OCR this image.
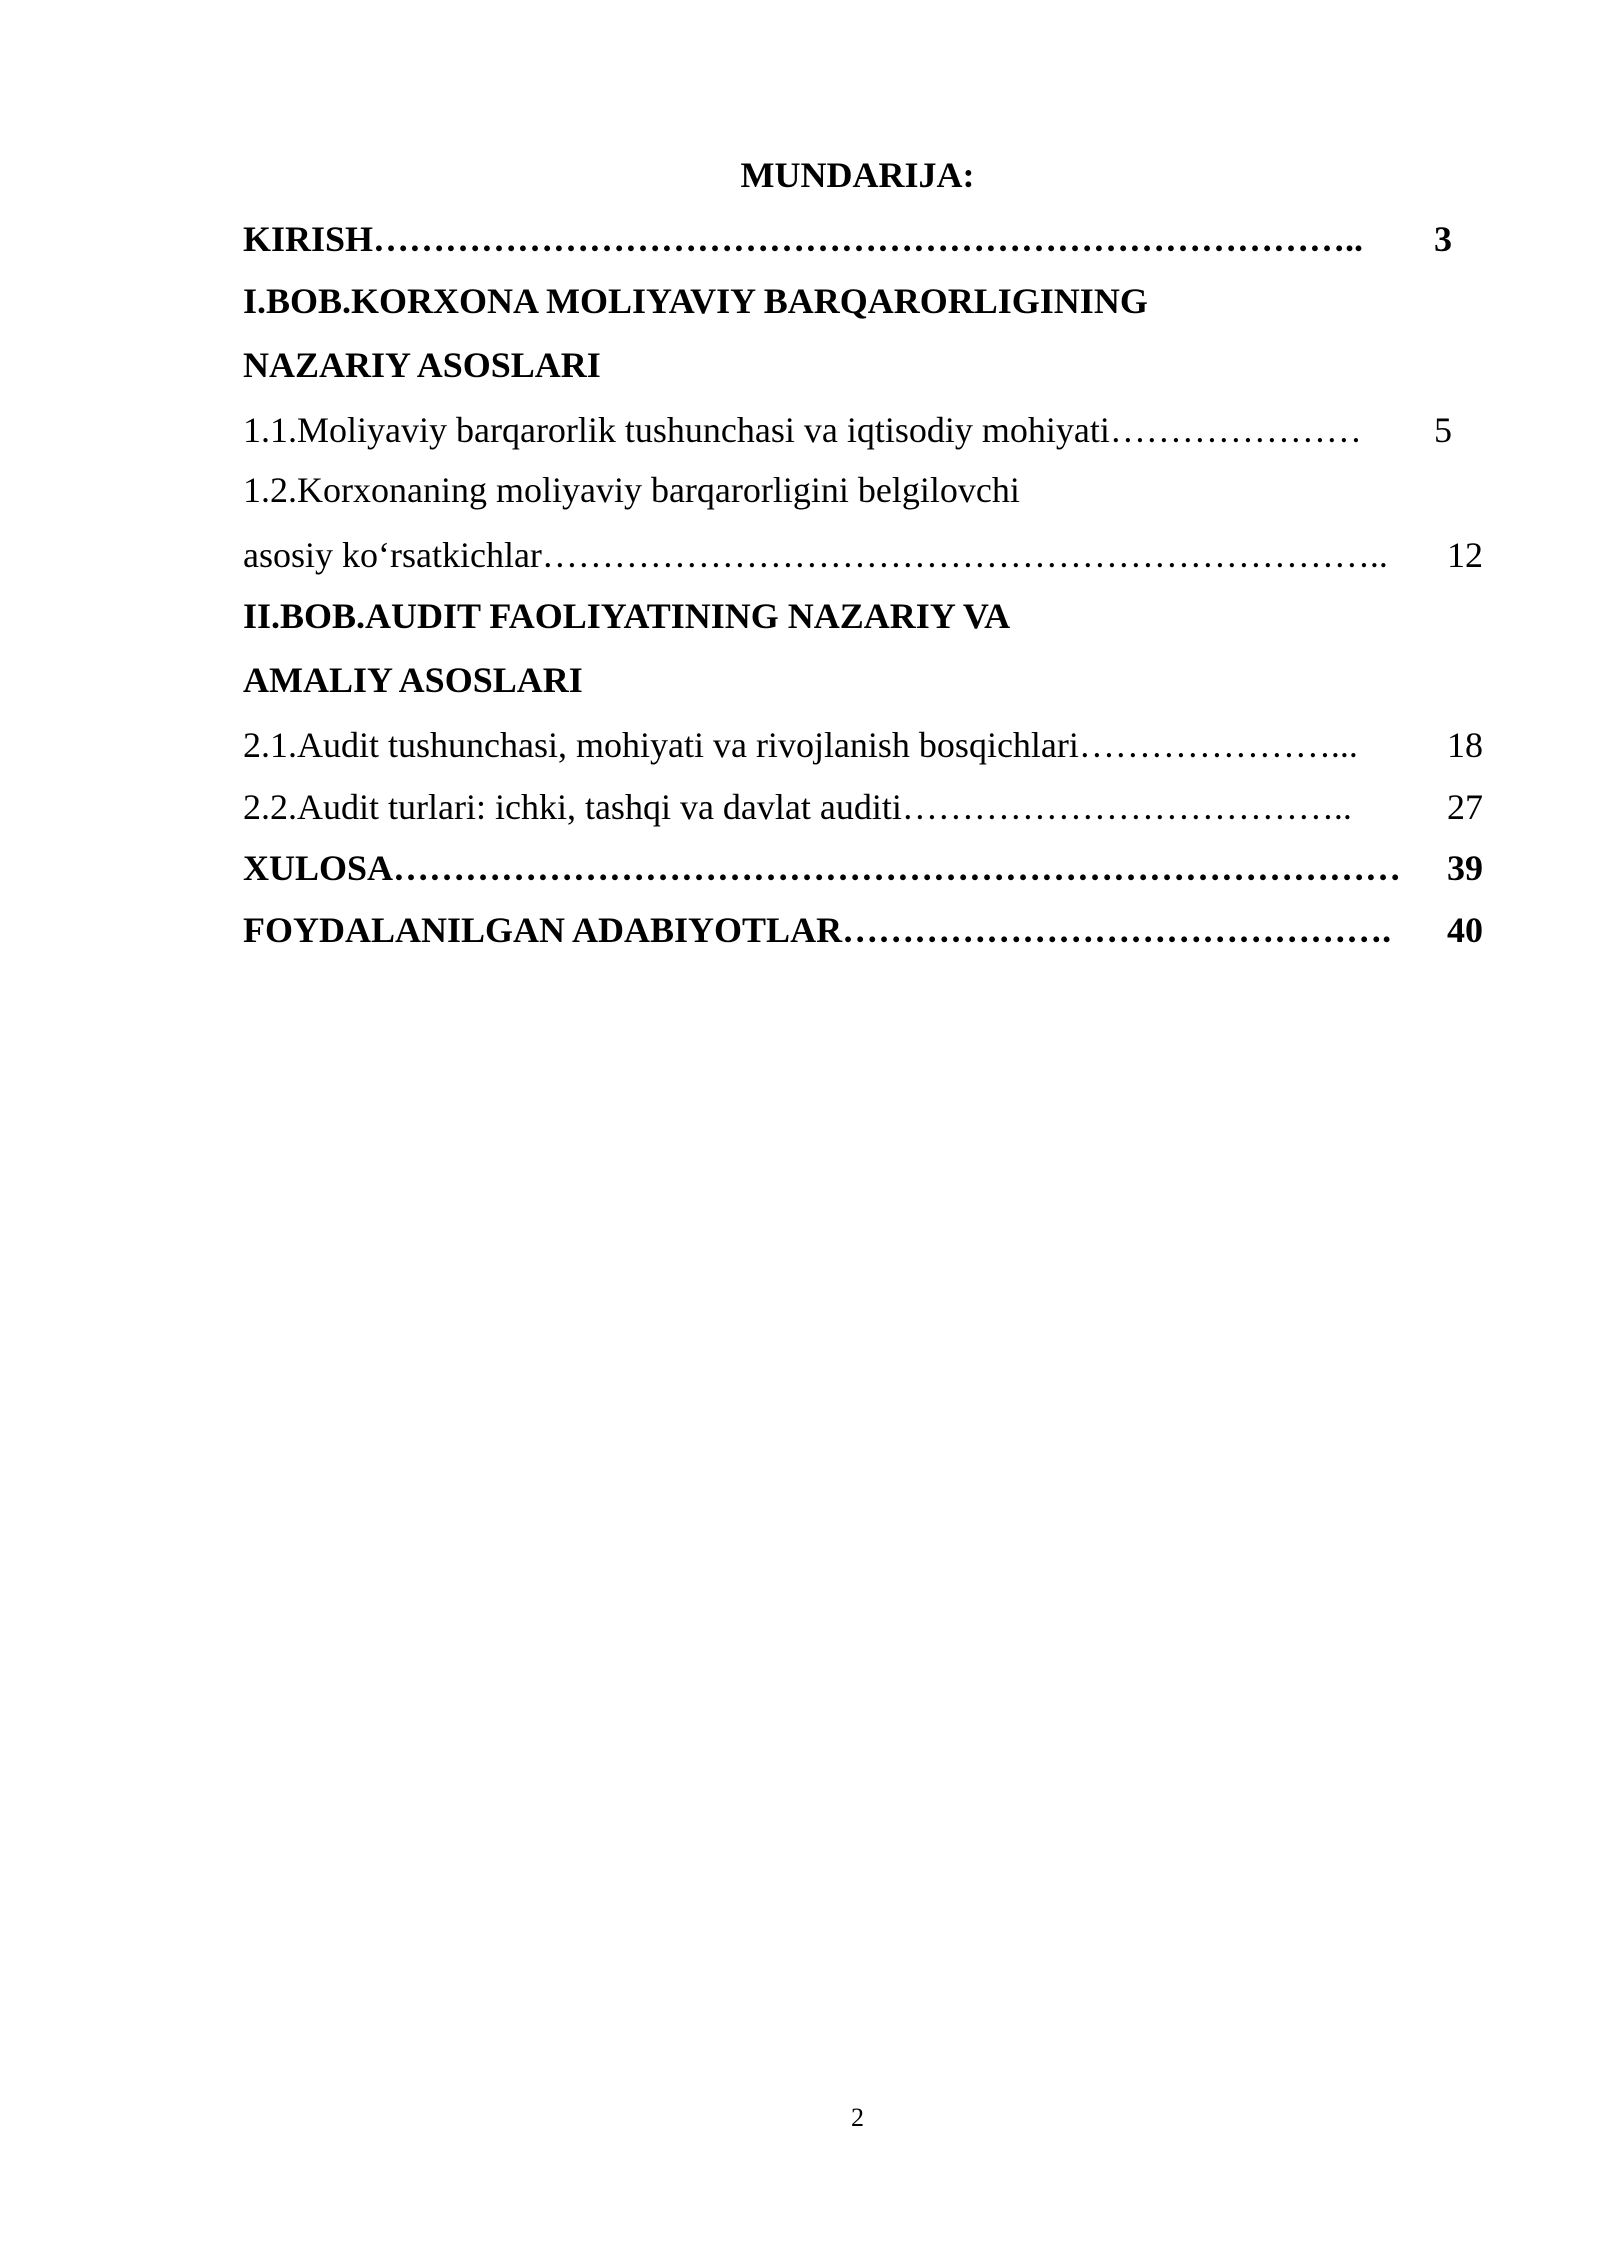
MUNDARIJA:
KIRISH………………………………………………………………………..	3
I.BOB.KORXONA MOLIYAVIY BARQARORLIGINING
NAZARIY ASOSLARI
1.1.Moliyaviy barqarorlik tushunchasi va iqtisodiy mohiyati…………………	5
1.2.Korxonaning moliyaviy barqarorligini belgilovchi
asosiy ko‘rsatkichlar……………………………………………………………..	12
II.BOB.AUDIT FAOLIYATINING NAZARIY VA
AMALIY ASOSLARI
2.1.Audit tushunchasi, mohiyati va rivojlanish bosqichlari…………………...	18
2.2.Audit turlari: ichki, tashqi va davlat auditi………………………………..	27
XULOSA…………………………………………………………………………	39
FOYDALANILGAN ADABIYOTLAR……………………………………….	40
2
